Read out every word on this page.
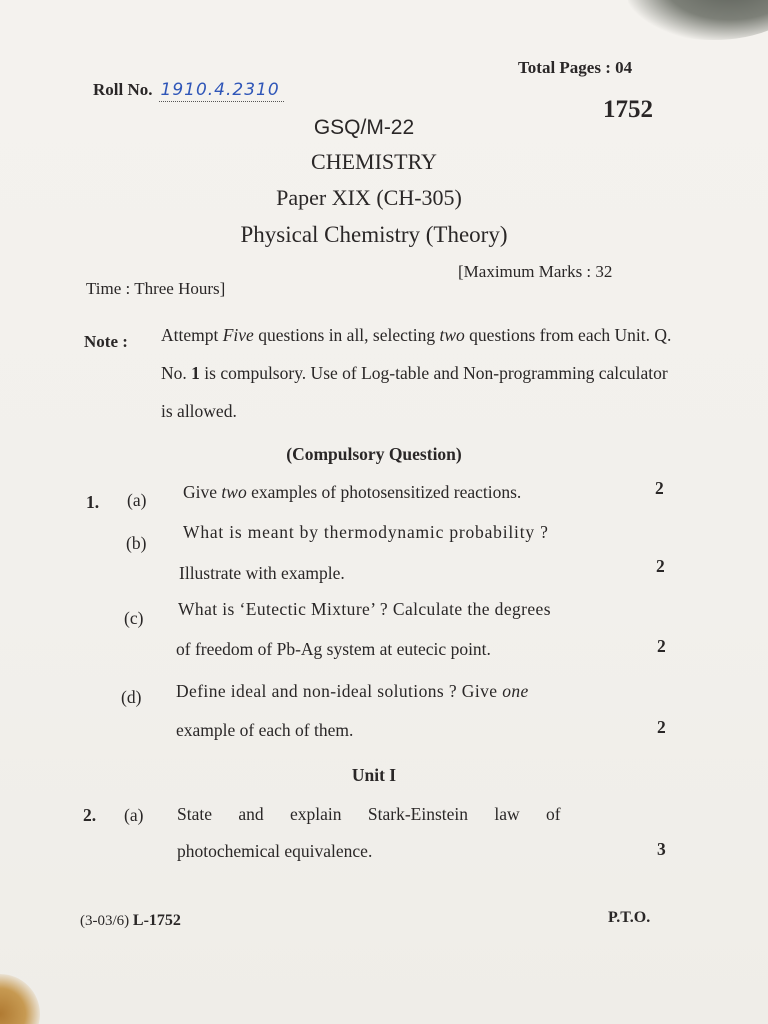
Roll No. 1910.4.2310
Total Pages : 04
1752
GSQ/M-22
CHEMISTRY
Paper XIX (CH-305)
Physical Chemistry (Theory)
Time : Three Hours]
[Maximum Marks : 32
Note : Attempt Five questions in all, selecting two questions from each Unit. Q. No. 1 is compulsory. Use of Log-table and Non-programming calculator is allowed.
(Compulsory Question)
1. (a) Give two examples of photosensitized reactions.	2
(b)
What is meant by thermodynamic probability ?
Illustrate with example.	2
(c) What is ‘Eutectic Mixture’ ? Calculate the degrees
of freedom of Pb-Ag system at eutecic point.	2
(d) Define ideal and non-ideal solutions ? Give one
example of each of them.	2
Unit I
2. (a) State and explain Stark-Einstein law of
photochemical equivalence.	3
(3-03/6) L-1752	P.T.O.
